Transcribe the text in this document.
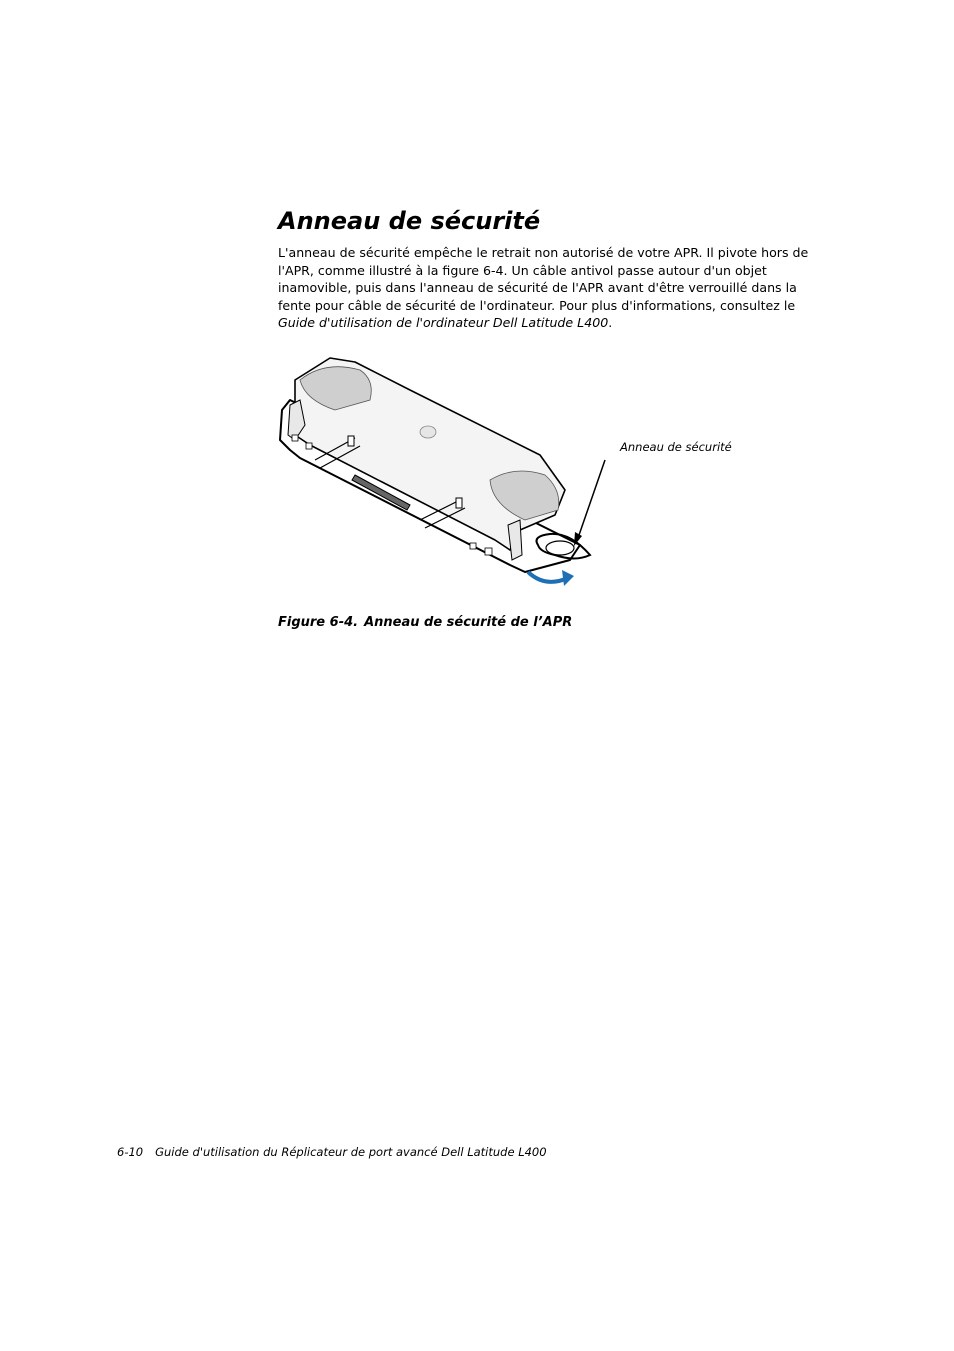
Anneau de sécurité

L'anneau de sécurité empêche le retrait non autorisé de votre APR. Il pivote hors de
l'APR, comme illustré à la figure 6-4. Un câble antivol passe autour d'un objet
inamovible, puis dans l'anneau de sécurité de l'APR avant d'être verrouillé dans la
fente pour câble de sécurité de l'ordinateur. Pour plus d'informations, consultez le
Guide d'utilisation de l'ordinateur Dell Latitude L400.

Anneau de sécurité
Figure 6-4. Anneau de sécurité de l’APR
6-10 Guide d'utilisation du Réplicateur de port avancé Dell Latitude L400
